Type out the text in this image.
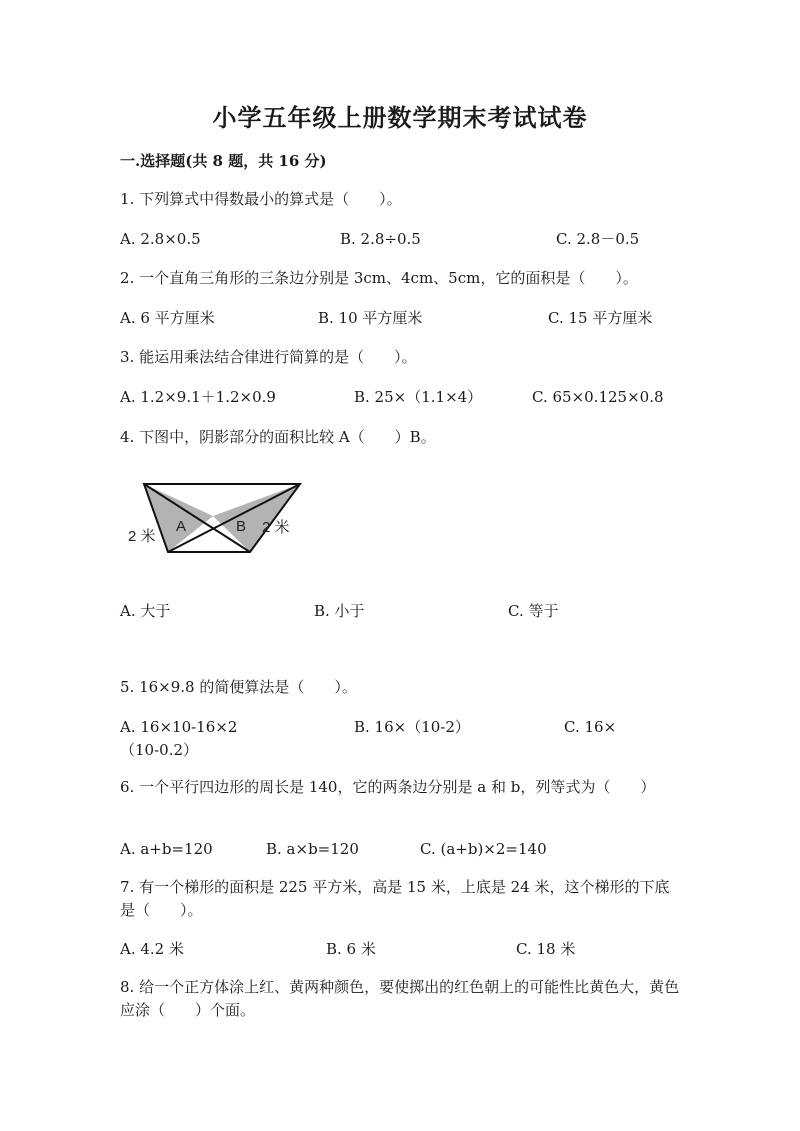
小学五年级上册数学期末考试试卷
一.选择题(共 8 题，共 16 分)
1. 下列算式中得数最小的算式是（　　）。
A. 2.8×0.5	B. 2.8÷0.5	C. 2.8－0.5
2. 一个直角三角形的三条边分别是 3cm、4cm、5cm，它的面积是（　　）。
A. 6 平方厘米	B. 10 平方厘米	C. 15 平方厘米
3. 能运用乘法结合律进行简算的是（　　）。
A. 1.2×9.1＋1.2×0.9	B. 25×（1.1×4）	C. 65×0.125×0.8
4. 下图中，阴影部分的面积比较 A（　　）B。
A	B
2 米
2 米
A. 大于	B. 小于	C. 等于
5. 16×9.8 的简便算法是（　　）。
A. 16×10-16×2	B. 16×（10-2）	C. 16×（10-0.2）
6. 一个平行四边形的周长是 140，它的两条边分别是 a 和 b，列等式为（　　）
A. a+b=120	B. a×b=120	C. (a+b)×2=140
7. 有一个梯形的面积是 225 平方米，高是 15 米，上底是 24 米，这个梯形的下底是（　　）。
A. 4.2 米	B. 6 米	C. 18 米
8. 给一个正方体涂上红、黄两种颜色，要使掷出的红色朝上的可能性比黄色大，黄色应涂（　　）个面。
